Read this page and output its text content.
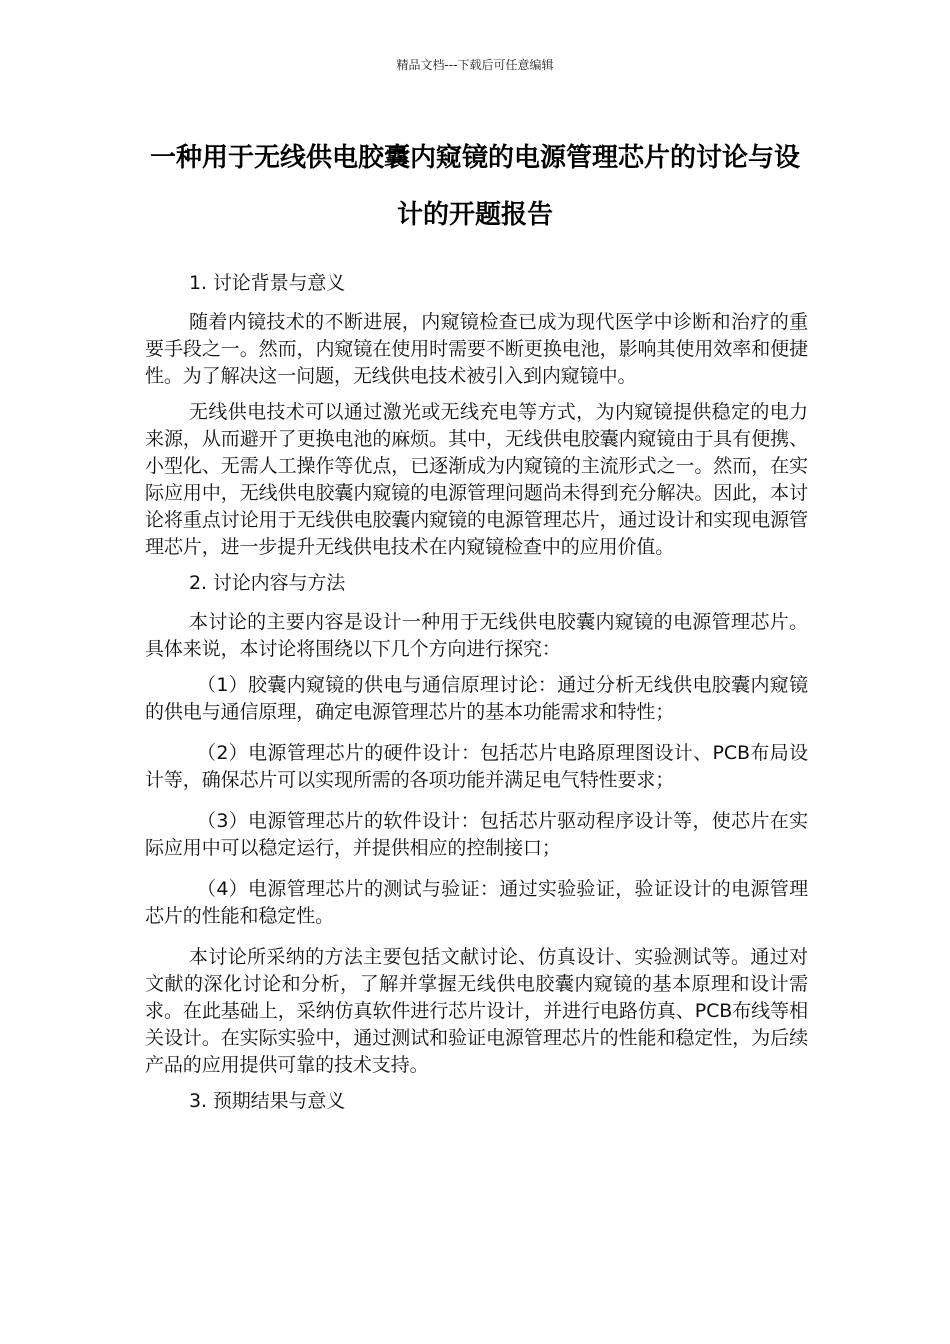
精品文档---下载后可任意编辑
一种用于无线供电胶囊内窥镜的电源管理芯片的讨论与设计的开题报告

1. 讨论背景与意义

随着内镜技术的不断进展，内窥镜检查已成为现代医学中诊断和治疗的重要手段之一。然而，内窥镜在使用时需要不断更换电池，影响其使用效率和便捷性。为了解决这一问题，无线供电技术被引入到内窥镜中。

无线供电技术可以通过激光或无线充电等方式，为内窥镜提供稳定的电力来源，从而避开了更换电池的麻烦。其中，无线供电胶囊内窥镜由于具有便携、小型化、无需人工操作等优点，已逐渐成为内窥镜的主流形式之一。然而，在实际应用中，无线供电胶囊内窥镜的电源管理问题尚未得到充分解决。因此，本讨论将重点讨论用于无线供电胶囊内窥镜的电源管理芯片，通过设计和实现电源管理芯片，进一步提升无线供电技术在内窥镜检查中的应用价值。

2. 讨论内容与方法

本讨论的主要内容是设计一种用于无线供电胶囊内窥镜的电源管理芯片。具体来说，本讨论将围绕以下几个方向进行探究：

（1）胶囊内窥镜的供电与通信原理讨论：通过分析无线供电胶囊内窥镜的供电与通信原理，确定电源管理芯片的基本功能需求和特性；

（2）电源管理芯片的硬件设计：包括芯片电路原理图设计、PCB布局设计等，确保芯片可以实现所需的各项功能并满足电气特性要求；

（3）电源管理芯片的软件设计：包括芯片驱动程序设计等，使芯片在实际应用中可以稳定运行，并提供相应的控制接口；

（4）电源管理芯片的测试与验证：通过实验验证，验证设计的电源管理芯片的性能和稳定性。

本讨论所采纳的方法主要包括文献讨论、仿真设计、实验测试等。通过对文献的深化讨论和分析，了解并掌握无线供电胶囊内窥镜的基本原理和设计需求。在此基础上，采纳仿真软件进行芯片设计，并进行电路仿真、PCB布线等相关设计。在实际实验中，通过测试和验证电源管理芯片的性能和稳定性，为后续产品的应用提供可靠的技术支持。

3. 预期结果与意义
